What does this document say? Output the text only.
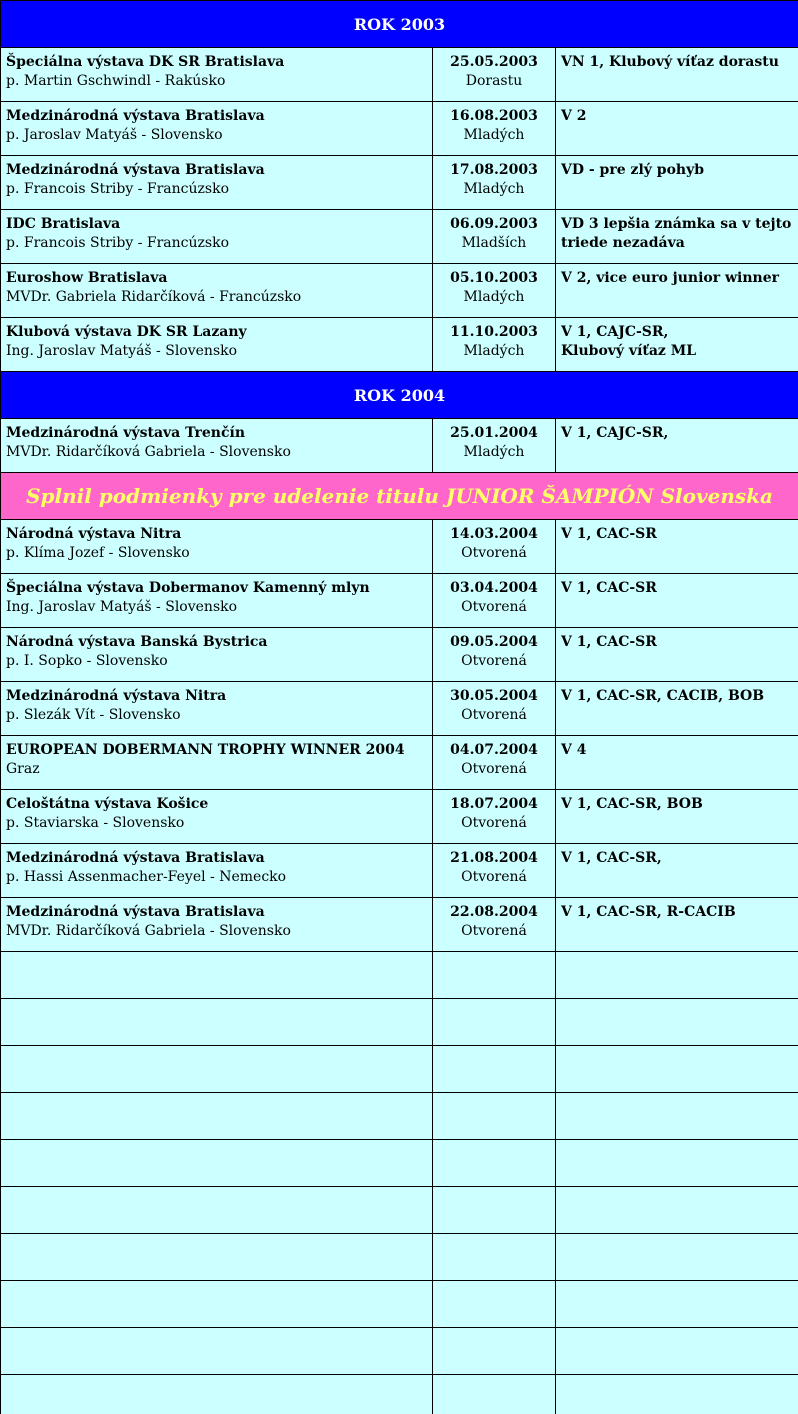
ROK 2003		

Špeciálna výstava DK SR Bratislava
p. Martin Gschwindl - Rakúsko	25.05.2003
Dorastu	VN 1, Klubový víťaz dorastu

Medzinárodná výstava Bratislava
p. Jaroslav Matyáš - Slovensko	16.08.2003
Mladých	V 2

Medzinárodná výstava Bratislava
p. Francois Striby - Francúzsko	17.08.2003
Mladých	VD - pre zlý pohyb

IDC Bratislava
p. Francois Striby - Francúzsko	06.09.2003
Mladších	VD 3 lepšia známka sa v tejto
triede nezadáva

Euroshow Bratislava
MVDr. Gabriela Ridarčíková - Francúzsko	05.10.2003
Mladých	V 2, vice euro junior winner

Klubová výstava DK SR Lazany
Ing. Jaroslav Matyáš - Slovensko	11.10.2003
Mladých	V 1, CAJC-SR,
Klubový víťaz ML

ROK 2004		

Medzinárodná výstava Trenčín
MVDr. Ridarčíková Gabriela - Slovensko	25.01.2004
Mladých	V 1, CAJC-SR,

Splnil podmienky pre udelenie titulu JUNIOR ŠAMPIÓN Slovenska		

Národná výstava Nitra
p. Klíma Jozef - Slovensko	14.03.2004
Otvorená	V 1, CAC-SR

Špeciálna výstava Dobermanov Kamenný mlyn
Ing. Jaroslav Matyáš - Slovensko	03.04.2004
Otvorená	V 1, CAC-SR

Národná výstava Banská Bystrica
p. I. Sopko - Slovensko	09.05.2004
Otvorená	V 1, CAC-SR

Medzinárodná výstava Nitra
p. Slezák Vít - Slovensko	30.05.2004
Otvorená	V 1, CAC-SR, CACIB, BOB

EUROPEAN DOBERMANN TROPHY WINNER 2004
Graz	04.07.2004
Otvorená	V 4

Celoštátna výstava Košice
p. Staviarska - Slovensko	18.07.2004
Otvorená	V 1, CAC-SR, BOB

Medzinárodná výstava Bratislava
p. Hassi Assenmacher-Feyel - Nemecko	21.08.2004
Otvorená	V 1, CAC-SR,

Medzinárodná výstava Bratislava
MVDr. Ridarčíková Gabriela - Slovensko	22.08.2004
Otvorená	V 1, CAC-SR, R-CACIB
